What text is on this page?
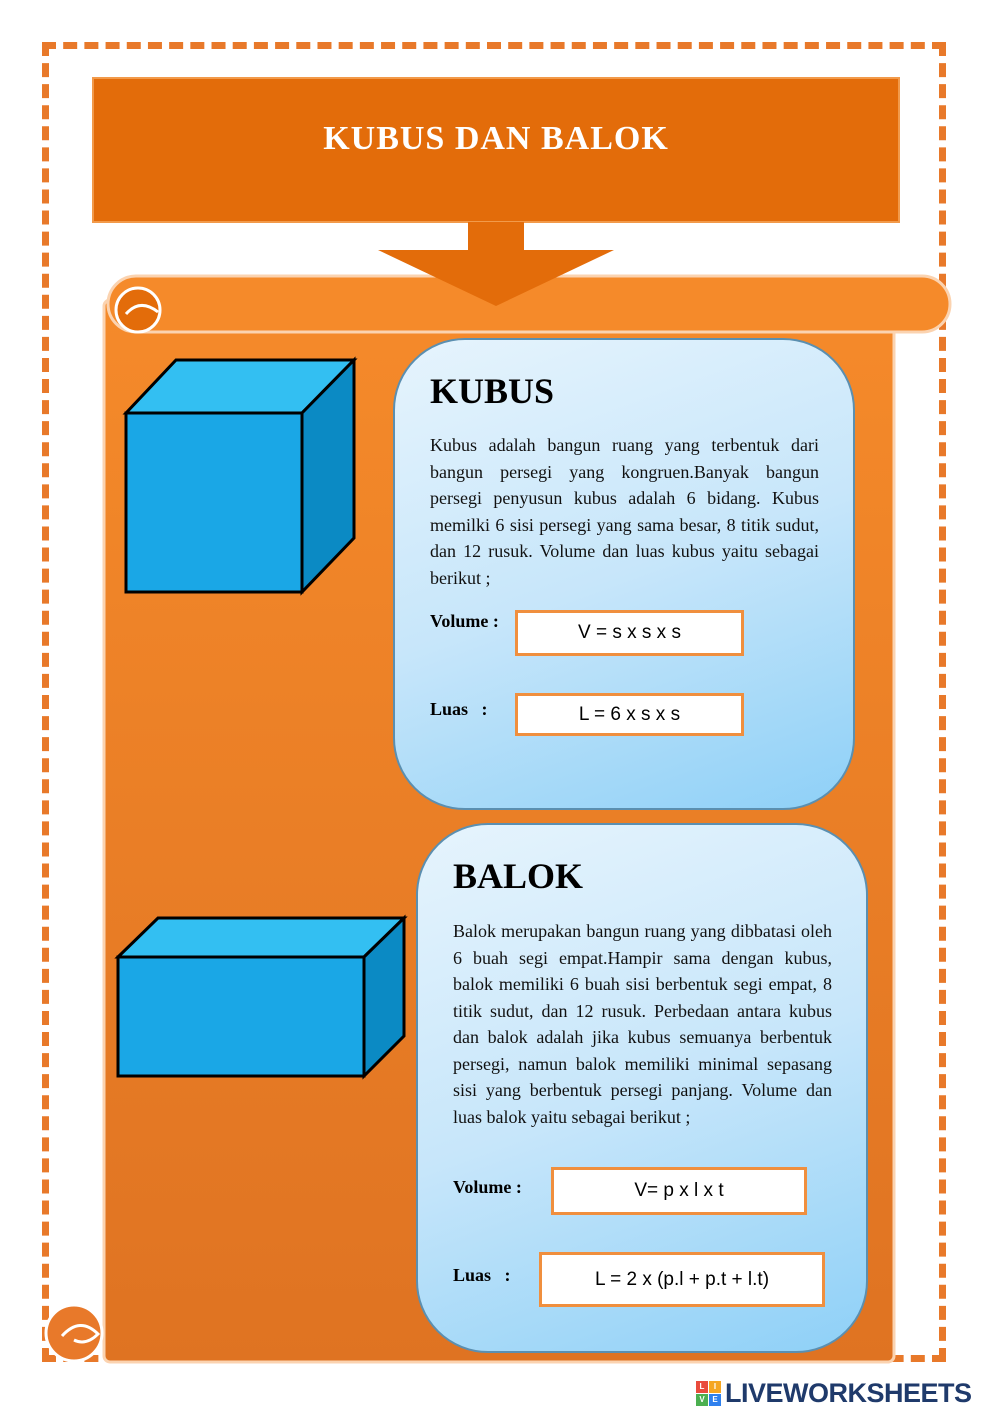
KUBUS DAN BALOK
KUBUS
Kubus adalah bangun ruang yang terbentuk dari bangun persegi yang kongruen.Banyak bangun persegi penyusun kubus adalah 6 bidang. Kubus memilki 6 sisi persegi yang sama besar, 8 titik sudut, dan 12 rusuk. Volume dan luas kubus yaitu sebagai berikut ;
Volume :
V = s x s x s
Luas   :	L = 6 x s x s
BALOK
Balok merupakan bangun ruang yang dibbatasi oleh 6 buah segi empat.Hampir sama dengan kubus, balok memiliki 6 buah sisi berbentuk segi empat, 8 titik sudut, dan 12 rusuk. Perbedaan antara kubus dan balok adalah jika kubus semuanya berbentuk persegi, namun balok memiliki minimal sepasang sisi yang berbentuk persegi panjang. Volume dan luas balok yaitu sebagai berikut ;
Volume :	V= p x l x t
Luas   :	L = 2 x (p.l + p.t + l.t)
L	I
V E LIVEWORKSHEETS
